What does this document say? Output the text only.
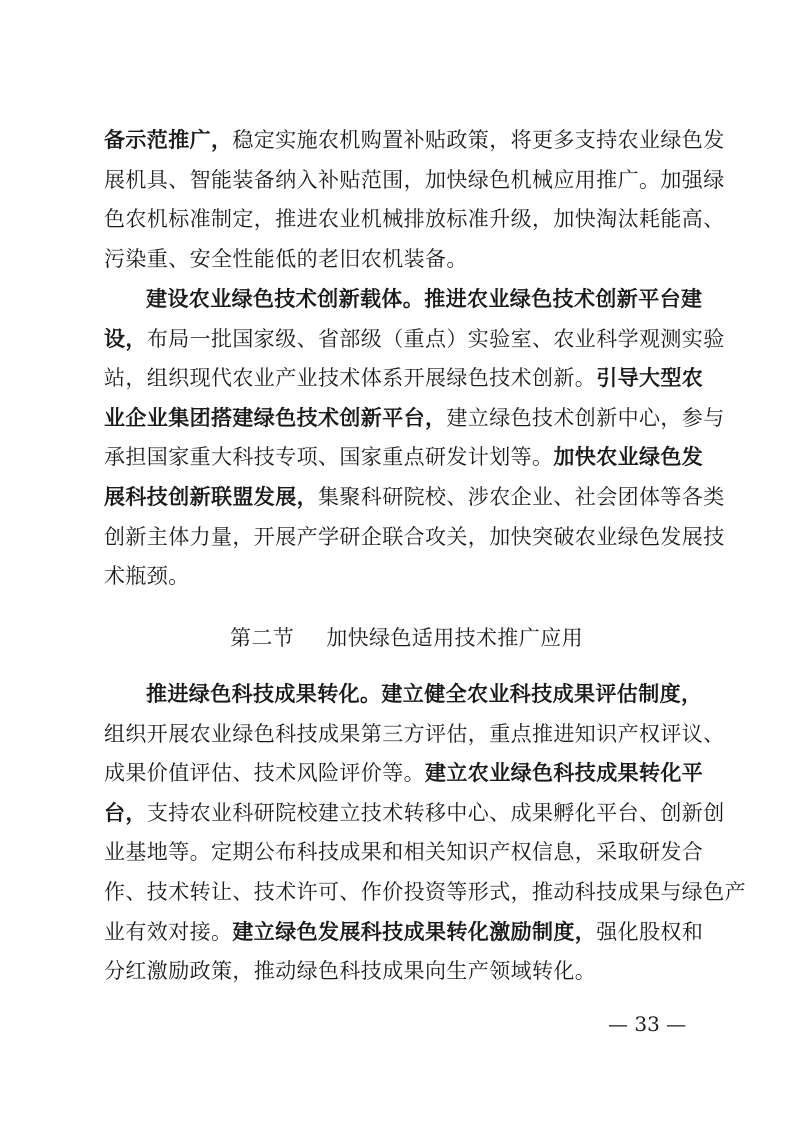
备示范推广，稳定实施农机购置补贴政策，将更多支持农业绿色发
展机具、智能装备纳入补贴范围，加快绿色机械应用推广。加强绿
色农机标准制定，推进农业机械排放标准升级，加快淘汰耗能高、
污染重、安全性能低的老旧农机装备。
建设农业绿色技术创新载体。推进农业绿色技术创新平台建
设，布局一批国家级、省部级（重点）实验室、农业科学观测实验
站，组织现代农业产业技术体系开展绿色技术创新。引导大型农
业企业集团搭建绿色技术创新平台，建立绿色技术创新中心，参与
承担国家重大科技专项、国家重点研发计划等。加快农业绿色发
展科技创新联盟发展，集聚科研院校、涉农企业、社会团体等各类
创新主体力量，开展产学研企联合攻关，加快突破农业绿色发展技
术瓶颈。
推进绿色科技成果转化。建立健全农业科技成果评估制度，
组织开展农业绿色科技成果第三方评估，重点推进知识产权评议、
成果价值评估、技术风险评价等。建立农业绿色科技成果转化平
台，支持农业科研院校建立技术转移中心、成果孵化平台、创新创
业基地等。定期公布科技成果和相关知识产权信息，采取研发合
作、技术转让、技术许可、作价投资等形式，推动科技成果与绿色产
业有效对接。建立绿色发展科技成果转化激励制度，强化股权和
分红激励政策，推动绿色科技成果向生产领域转化。
第二节 加快绿色适用技术推广应用
— 33 —
